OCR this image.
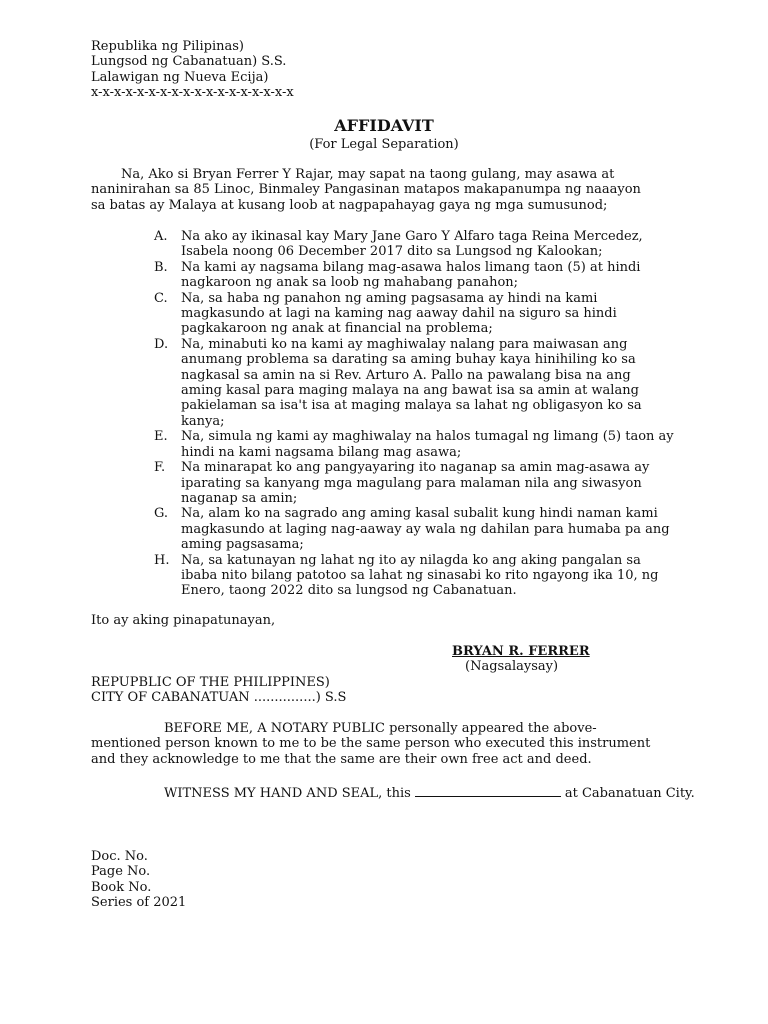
Republika ng Pilipinas)
Lungsod ng Cabanatuan) S.S.
Lalawigan ng Nueva Ecija)
x-x-x-x-x-x-x-x-x-x-x-x-x-x-x-x-x-x
AFFIDAVIT
(For Legal Separation)
Na, Ako si Bryan Ferrer Y Rajar, may sapat na taong gulang, may asawa at naninirahan sa 85 Linoc, Binmaley Pangasinan matapos makapanumpa ng naaayon sa batas ay Malaya at kusang loob at nagpapahayag gaya ng mga sumusunod;
A.	Na ako ay ikinasal kay Mary Jane Garo Y Alfaro taga Reina Mercedez, Isabela noong 06 December 2017 dito sa Lungsod ng Kalookan;
B.	Na kami ay nagsama bilang mag-asawa halos limang taon (5) at hindi nagkaroon ng anak sa loob ng mahabang panahon;
C.	Na, sa haba ng panahon ng aming pagsasama ay hindi na kami magkasundo at lagi na kaming nag aaway dahil na siguro sa hindi pagkakaroon ng anak at financial na problema;
D. Na, minabuti ko na kami ay maghiwalay nalang para maiwasan ang anumang problema sa darating sa aming buhay kaya hinihiling ko sa nagkasal sa amin na si Rev. Arturo A. Pallo na pawalang bisa na ang aming kasal para maging malaya na ang bawat isa sa amin at walang pakielaman sa isa't isa at maging malaya sa lahat ng obligasyon ko sa kanya;
E.	Na, simula ng kami ay maghiwalay na halos tumagal ng limang (5) taon ay hindi na kami nagsama bilang mag asawa;
F.	Na minarapat ko ang pangyayaring ito naganap sa amin mag-asawa ay iparating sa kanyang mga magulang para malaman nila ang siwasyon naganap sa amin;
G. Na, alam ko na sagrado ang aming kasal subalit kung hindi naman kami magkasundo at laging nag-aaway ay wala ng dahilan para humaba pa ang aming pagsasama;
H. Na, sa katunayan ng lahat ng ito ay nilagda ko ang aking pangalan sa ibaba nito bilang patotoo sa lahat ng sinasabi ko rito ngayong ika 10, ng Enero, taong 2022 dito sa lungsod ng Cabanatuan.
Ito ay aking pinapatunayan,
BRYAN R. FERRER
(Nagsalaysay)
REPUPBLIC OF THE PHILIPPINES)
CITY OF CABANATUAN ...............) S.S
BEFORE ME, A NOTARY PUBLIC personally appeared the above-mentioned person known to me to be the same person who executed this instrument and they acknowledge to me that the same are their own free act and deed.
WITNESS MY HAND AND SEAL, this	at Cabanatuan City.
Doc. No.
Page No.
Book No.
Series of 2021
